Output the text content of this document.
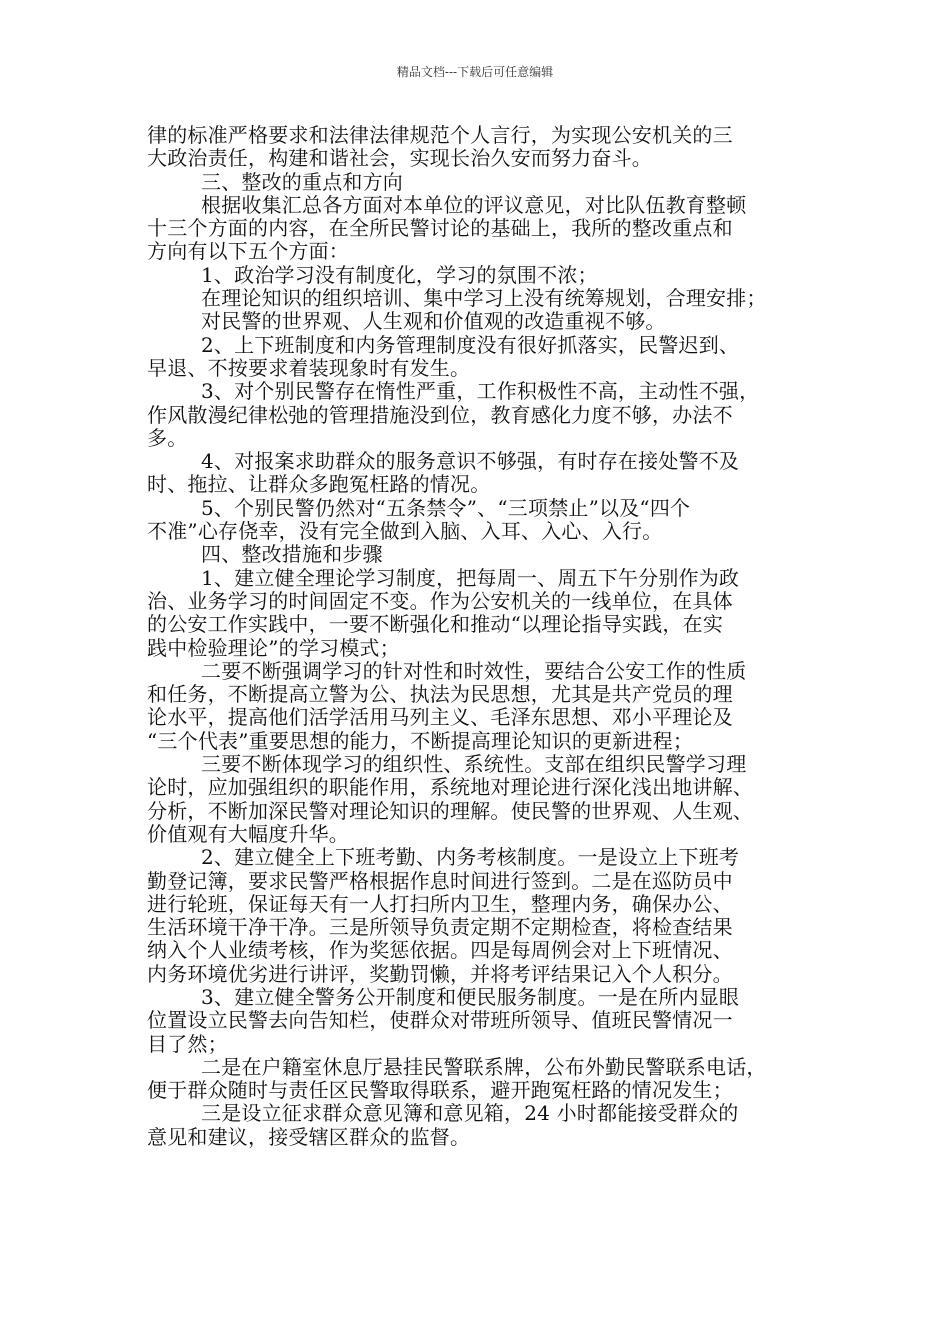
精品文档---下载后可任意编辑
律的标准严格要求和法律法律规范个人言行，为实现公安机关的三
大政治责任，构建和谐社会，实现长治久安而努力奋斗。
三、整改的重点和方向
根据收集汇总各方面对本单位的评议意见，对比队伍教育整顿
十三个方面的内容，在全所民警讨论的基础上，我所的整改重点和
方向有以下五个方面：
1、政治学习没有制度化，学习的氛围不浓；
在理论知识的组织培训、集中学习上没有统筹规划，合理安排；
对民警的世界观、人生观和价值观的改造重视不够。
2、上下班制度和内务管理制度没有很好抓落实，民警迟到、
早退、不按要求着装现象时有发生。
3、对个别民警存在惰性严重，工作积极性不高，主动性不强，
作风散漫纪律松弛的管理措施没到位，教育感化力度不够，办法不
多。
4、对报案求助群众的服务意识不够强，有时存在接处警不及
时、拖拉、让群众多跑冤枉路的情况。
5、个别民警仍然对“五条禁令”、“三项禁止”以及“四个
不准”心存侥幸，没有完全做到入脑、入耳、入心、入行。
四、整改措施和步骤
1、建立健全理论学习制度，把每周一、周五下午分别作为政
治、业务学习的时间固定不变。作为公安机关的一线单位，在具体
的公安工作实践中，一要不断强化和推动“以理论指导实践，在实
践中检验理论”的学习模式；
二要不断强调学习的针对性和时效性，要结合公安工作的性质
和任务，不断提高立警为公、执法为民思想，尤其是共产党员的理
论水平，提高他们活学活用马列主义、毛泽东思想、邓小平理论及
“三个代表”重要思想的能力，不断提高理论知识的更新进程；
三要不断体现学习的组织性、系统性。支部在组织民警学习理
论时，应加强组织的职能作用，系统地对理论进行深化浅出地讲解、
分析，不断加深民警对理论知识的理解。使民警的世界观、人生观、
价值观有大幅度升华。
2、建立健全上下班考勤、内务考核制度。一是设立上下班考
勤登记簿，要求民警严格根据作息时间进行签到。二是在巡防员中
进行轮班，保证每天有一人打扫所内卫生，整理内务，确保办公、
生活环境干净干净。三是所领导负责定期不定期检查，将检查结果
纳入个人业绩考核，作为奖惩依据。四是每周例会对上下班情况、
内务环境优劣进行讲评，奖勤罚懒，并将考评结果记入个人积分。
3、建立健全警务公开制度和便民服务制度。一是在所内显眼
位置设立民警去向告知栏，使群众对带班所领导、值班民警情况一
目了然；
二是在户籍室休息厅悬挂民警联系牌，公布外勤民警联系电话，
便于群众随时与责任区民警取得联系，避开跑冤枉路的情况发生；
三是设立征求群众意见簿和意见箱，24 小时都能接受群众的
意见和建议，接受辖区群众的监督。
